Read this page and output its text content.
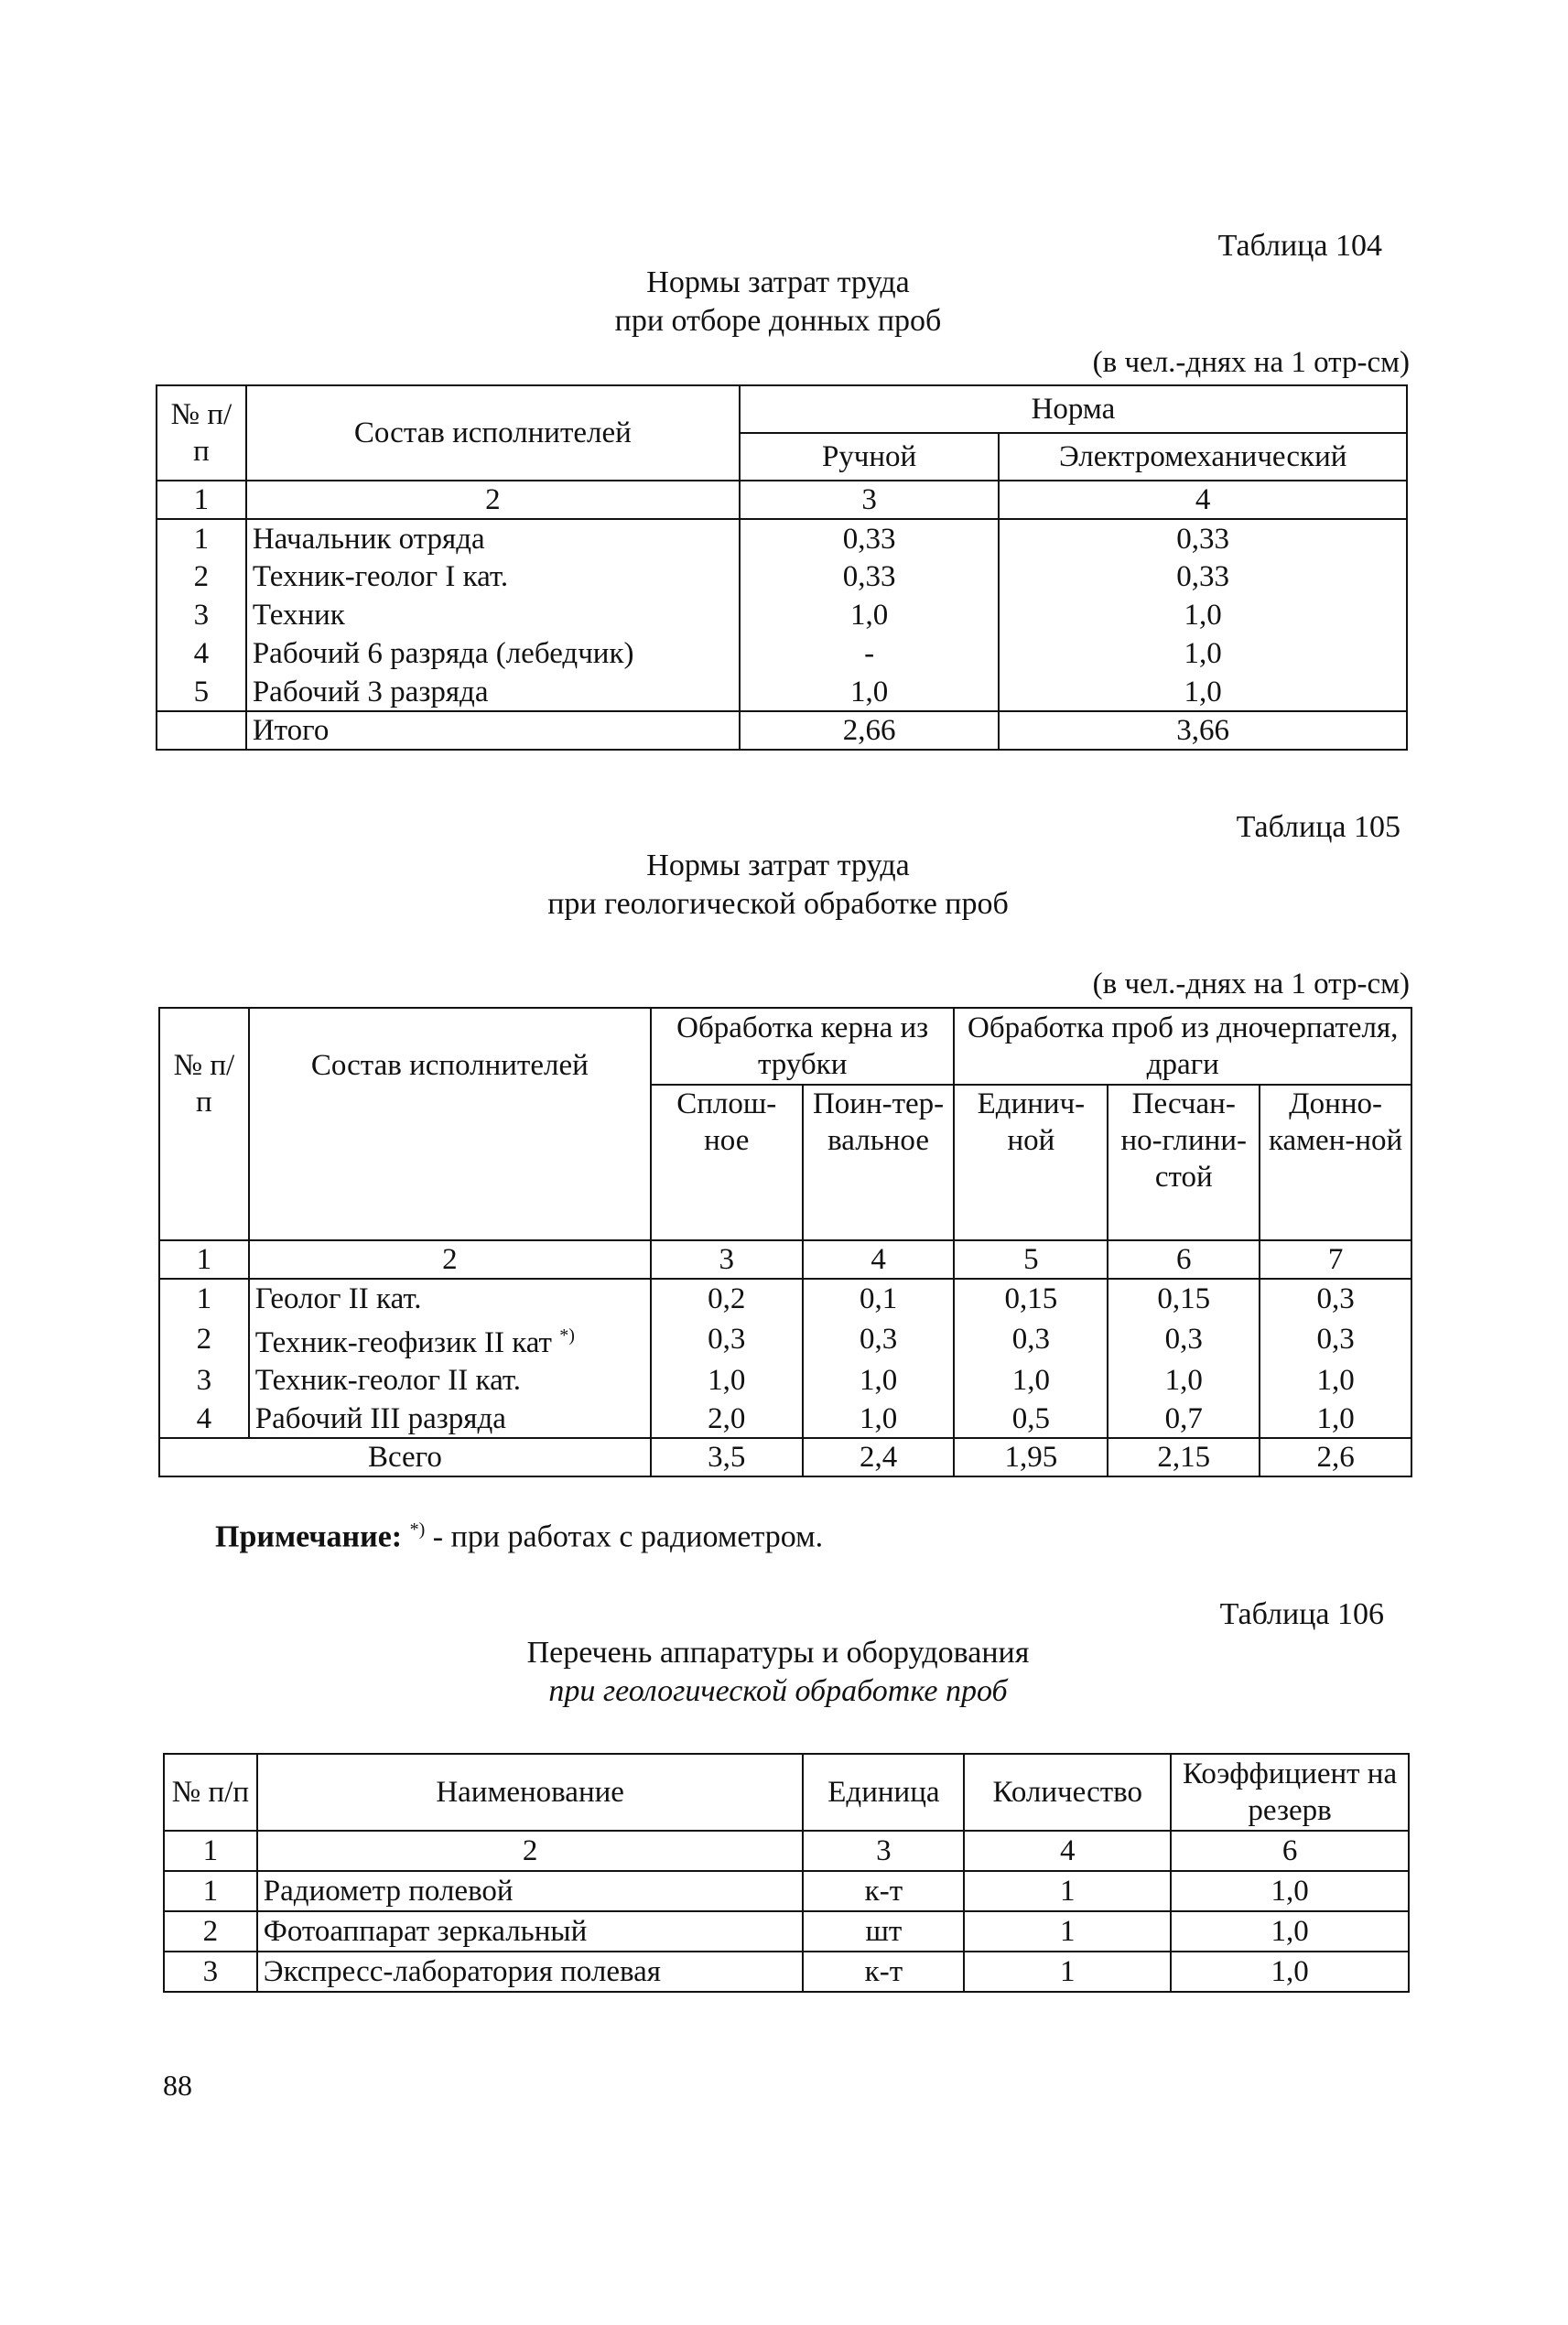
Таблица 104
Нормы затрат труда
при отборе донных проб
(в чел.-днях на 1 отр-см)
№ п/п	Состав исполнителей	Норма	
		Ручной	Электромеханический
1	2	3	4
1	Начальник отряда	0,33	0,33
2	Техник-геолог I кат.	0,33	0,33
3	Техник	1,0	1,0
4	Рабочий 6 разряда (лебедчик)	-	1,0
5	Рабочий 3 разряда	1,0	1,0
	Итого	2,66	3,66
Таблица 105
Нормы затрат труда
при геологической обработке проб
(в чел.-днях на 1 отр-см)
№ п/п	Состав исполнителей	Обработка керна из трубки		Обработка проб из дночерпателя, драги		
		Сплош-ное	Поин-тер-вальное	Единич-ной	Песчан-но-глини-стой	Донно-камен-ной
1	2	3	4	5	6	7
1	Геолог II кат.	0,2	0,1	0,15	0,15	0,3
2	Техник-геофизик II кат *)	0,3	0,3	0,3	0,3	0,3
3	Техник-геолог II кат.	1,0	1,0	1,0	1,0	1,0
4	Рабочий III разряда	2,0	1,0	0,5	0,7	1,0
Всего		3,5	2,4	1,95	2,15	2,6
Примечание: *) - при работах с радиометром.
Таблица 106
Перечень аппаратуры и оборудования
при геологической обработке проб
№ п/п	Наименование	Единица	Количество	Коэффициент на резерв
1	2	3	4	6
1	Радиометр полевой	к-т	1	1,0
2	Фотоаппарат зеркальный	шт	1	1,0
3	Экспресс-лаборатория полевая	к-т	1	1,0
88
